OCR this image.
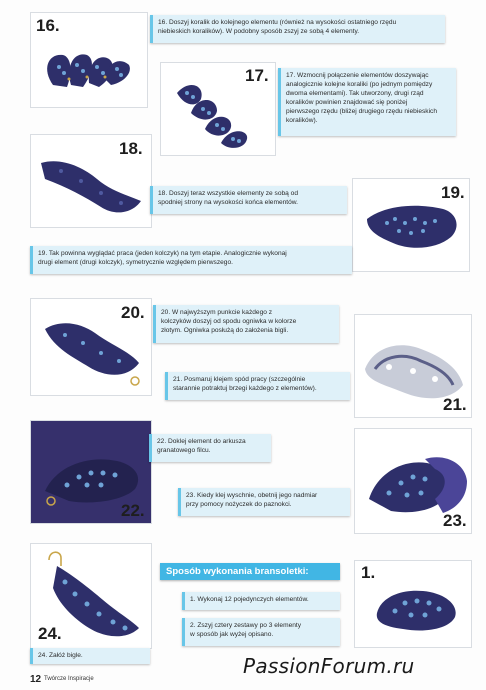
16.	16. Doszyj koralik do kolejnego elementu (również na wysokości ostatniego rzędu
niebieskich koralików). W podobny sposób zszyj ze sobą 4 elementy.
17.	17. Wzmocnij połączenie elementów doszywając
analogicznie kolejne koraliki (po jednym pomiędzy
dwoma elementami). Tak utworzony, drugi rząd
koralików powinien znajdować się poniżej
pierwszego rzędu (bliżej drugiego rzędu niebieskich
koralików).
18.
18. Doszyj teraz wszystkie elementy ze sobą od
spodniej strony na wysokości końca elementów.
19.
19. Tak powinna wyglądać praca (jeden kolczyk) na tym etapie. Analogicznie wykonaj
drugi element (drugi kolczyk), symetrycznie względem pierwszego.
20. 20. W najwyższym punkcie każdego z
kolczyków doszyj od spodu ogniwka w kolorze
złotym. Ogniwka posłużą do założenia bigli.
21.
21. Posmaruj klejem spód pracy (szczególnie
starannie potraktuj brzegi każdego z elementów).
22.
22. Doklej element do arkusza
granatowego filcu.
23.
23. Kiedy klej wyschnie, obetnij jego nadmiar
przy pomocy nożyczek do paznokci.
24.
24. Załóż bigle.
Sposób wykonania bransoletki:
1. Wykonaj 12 pojedynczych elementów.
2. Zszyj cztery zestawy po 3 elementy
w sposób jak wyżej opisano.
1.
12 Twórcze Inspiracje
PassionForum.ru
